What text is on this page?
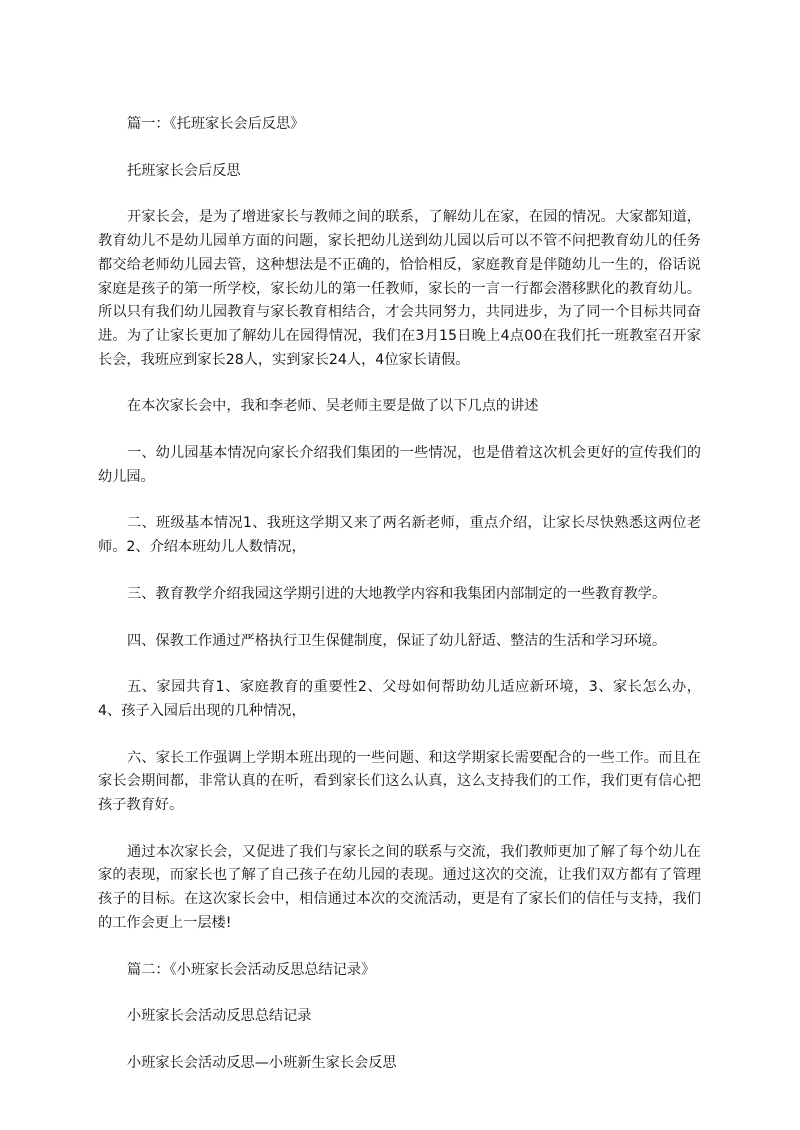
篇一：《托班家长会后反思》

托班家长会后反思

开家长会，是为了增进家长与教师之间的联系，了解幼儿在家，在园的情况。大家都知道，教育幼儿不是幼儿园单方面的问题，家长把幼儿送到幼儿园以后可以不管不问把教育幼儿的任务都交给老师幼儿园去管，这种想法是不正确的，恰恰相反，家庭教育是伴随幼儿一生的，俗话说家庭是孩子的第一所学校，家长幼儿的第一任教师，家长的一言一行都会潜移默化的教育幼儿。所以只有我们幼儿园教育与家长教育相结合，才会共同努力，共同进步，为了同一个目标共同奋进。为了让家长更加了解幼儿在园得情况，我们在3月15日晚上4点00在我们托一班教室召开家长会，我班应到家长28人，实到家长24人，4位家长请假。

在本次家长会中，我和李老师、吴老师主要是做了以下几点的讲述

一、幼儿园基本情况向家长介绍我们集团的一些情况，也是借着这次机会更好的宣传我们的幼儿园。

二、班级基本情况1、我班这学期又来了两名新老师，重点介绍，让家长尽快熟悉这两位老师。2、介绍本班幼儿人数情况，

三、教育教学介绍我园这学期引进的大地教学内容和我集团内部制定的一些教育教学。

四、保教工作通过严格执行卫生保健制度，保证了幼儿舒适、整洁的生活和学习环境。

五、家园共育1、家庭教育的重要性2、父母如何帮助幼儿适应新环境，3、家长怎么办，4、孩子入园后出现的几种情况，

六、家长工作强调上学期本班出现的一些问题、和这学期家长需要配合的一些工作。而且在家长会期间都，非常认真的在听，看到家长们这么认真，这么支持我们的工作，我们更有信心把孩子教育好。

通过本次家长会，又促进了我们与家长之间的联系与交流，我们教师更加了解了每个幼儿在家的表现，而家长也了解了自己孩子在幼儿园的表现。通过这次的交流，让我们双方都有了管理孩子的目标。在这次家长会中，相信通过本次的交流活动，更是有了家长们的信任与支持，我们的工作会更上一层楼!

篇二：《小班家长会活动反思总结记录》

小班家长会活动反思总结记录

小班家长会活动反思—小班新生家长会反思
